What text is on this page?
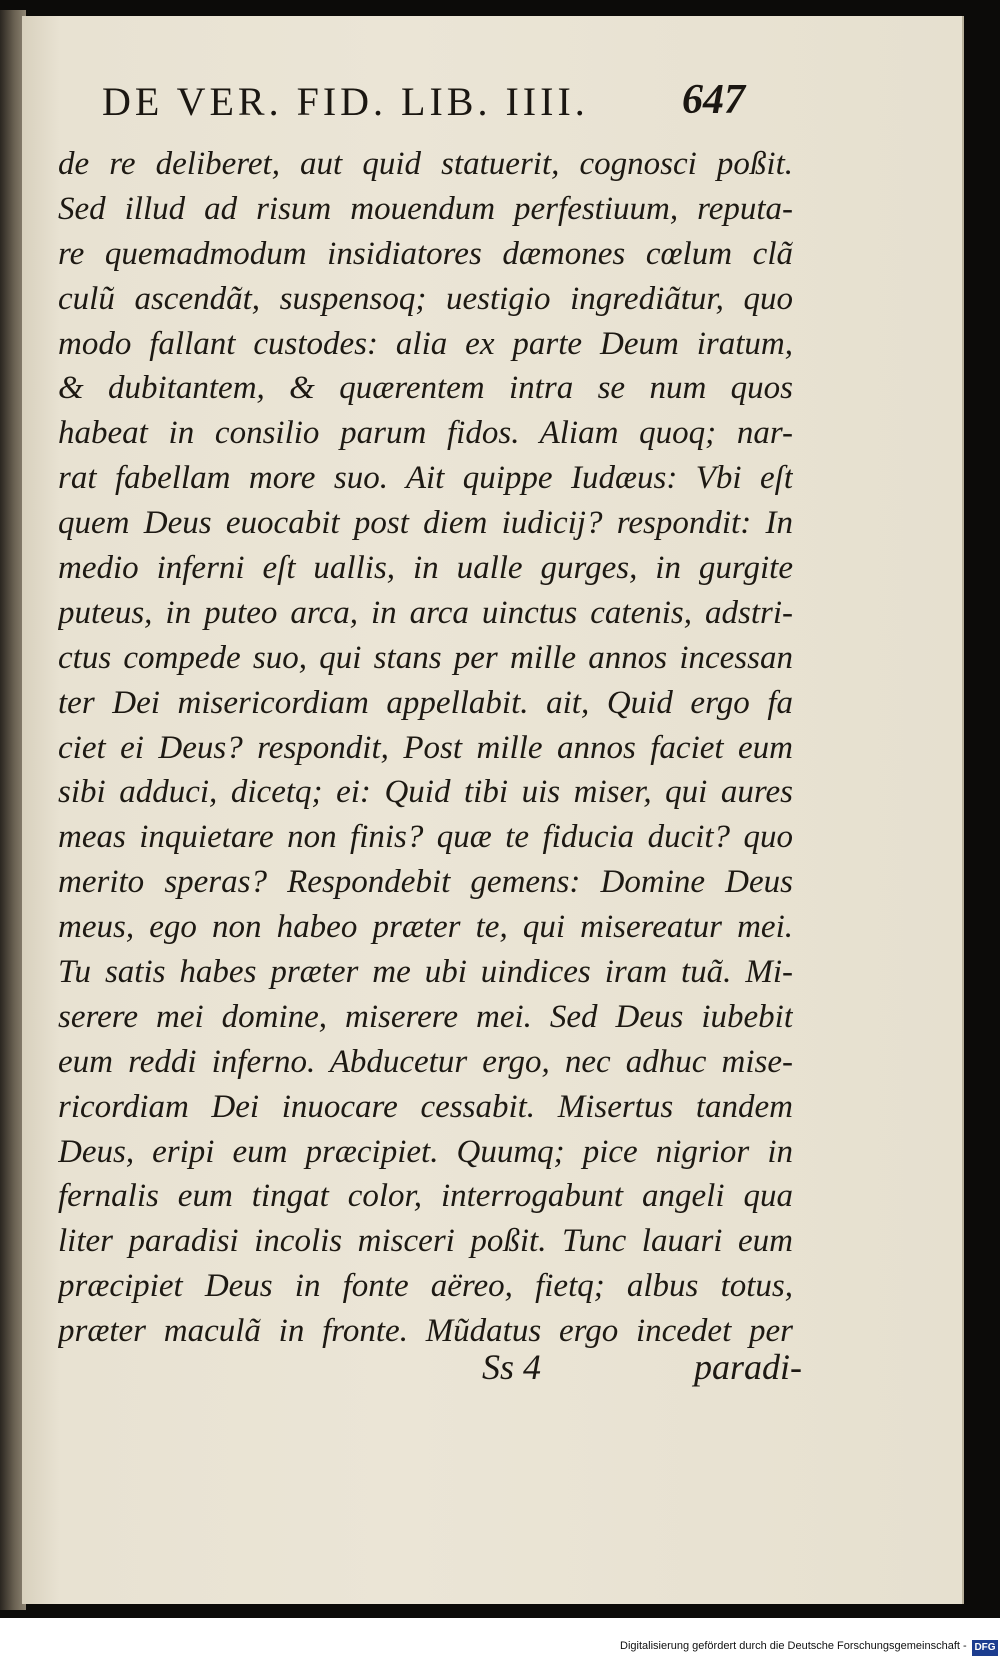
DE VER. FID. LIB. IIII.	647
de re deliberet, aut quid statuerit, cognosci poßit.
Sed illud ad risum mouendum perfestiuum, reputa-
re quemadmodum insidiatores dæmones cœlum clã
culũ ascendãt, suspensoq; uestigio ingrediãtur, quo
modo fallant custodes: alia ex parte Deum iratum,
& dubitantem, & quærentem intra se num quos
habeat in consilio parum fidos. Aliam quoq; nar-
rat fabellam more suo. Ait quippe Iudæus: Vbi eſt
quem Deus euocabit post diem iudicij? respondit: In
medio inferni eſt uallis, in ualle gurges, in gurgite
puteus, in puteo arca, in arca uinctus catenis, adstri-
ctus compede suo, qui stans per mille annos incessan
ter Dei misericordiam appellabit. ait, Quid ergo fa
ciet ei Deus? respondit, Post mille annos faciet eum
sibi adduci, dicetq; ei: Quid tibi uis miser, qui aures
meas inquietare non finis? quæ te fiducia ducit? quo
merito speras? Respondebit gemens: Domine Deus
meus, ego non habeo præter te, qui misereatur mei.
Tu satis habes præter me ubi uindices iram tuã. Mi-
serere mei domine, miserere mei. Sed Deus iubebit
eum reddi inferno. Abducetur ergo, nec adhuc mise-
ricordiam Dei inuocare cessabit. Misertus tandem
Deus, eripi eum præcipiet. Quumq; pice nigrior in
fernalis eum tingat color, interrogabunt angeli qua
liter paradisi incolis misceri poßit. Tunc lauari eum
præcipiet Deus in fonte aëreo, fietq; albus totus,
præter maculã in fronte. Mũdatus ergo incedet per
Ss 4	paradi-
Digitalisierung gefördert durch die Deutsche Forschungsgemeinschaft - DFG
